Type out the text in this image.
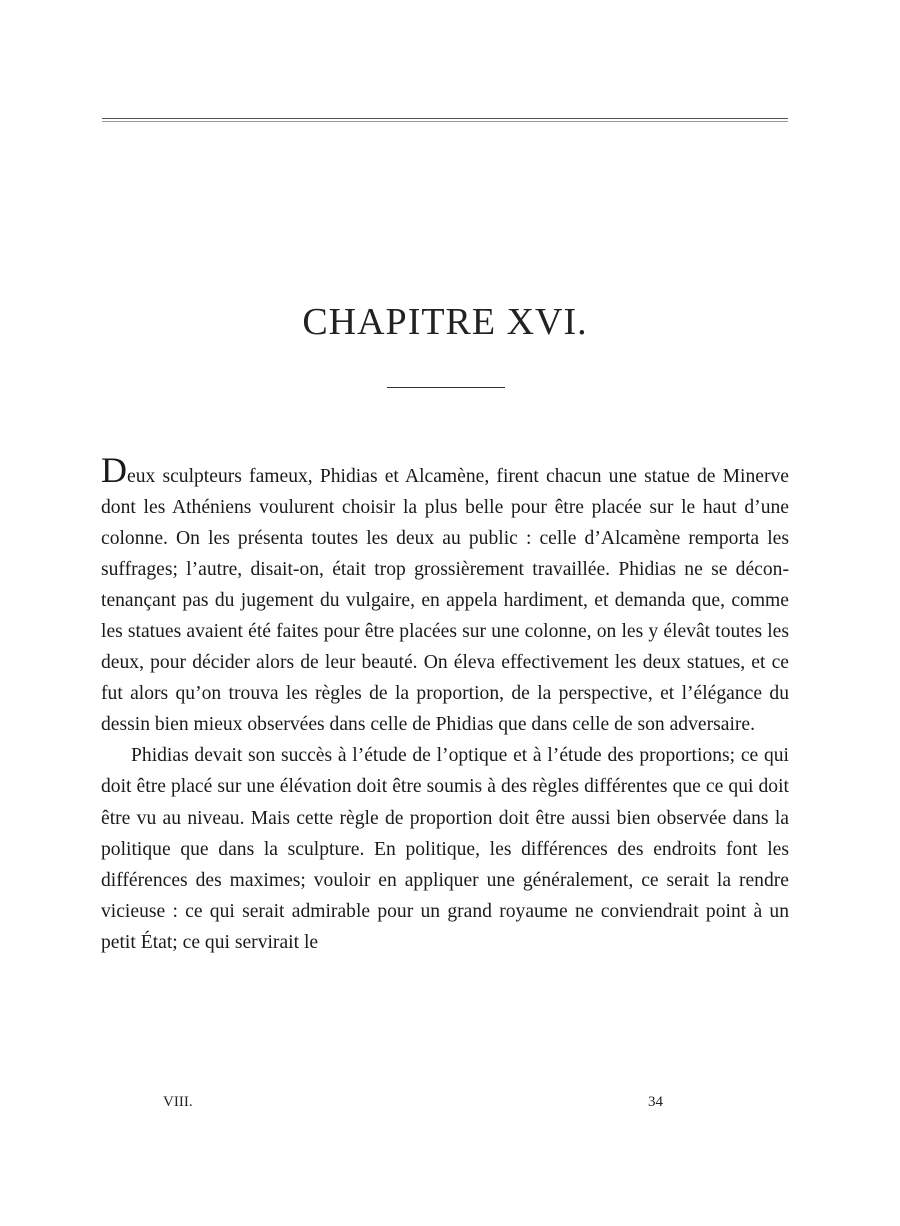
CHAPITRE XVI.

Deux sculpteurs fameux, Phidias et Alcamène, firent chacun une statue de Minerve dont les Athéniens voulurent choisir la plus belle pour être placée sur le haut d’une colonne. On les présenta toutes les deux au public : celle d’Alcamène remporta les suffrages; l’autre, disait-on, était trop grossièrement travaillée. Phidias ne se décontenançant pas du jugement du vulgaire, en appela hardiment, et demanda que, comme les statues avaient été faites pour être placées sur une colonne, on les y élevât toutes les deux, pour décider alors de leur beauté. On éleva effectivement les deux statues, et ce fut alors qu’on trouva les règles de la proportion, de la perspective, et l’élégance du dessin bien mieux observées dans celle de Phidias que dans celle de son adversaire.

Phidias devait son succès à l’étude de l’optique et à l’étude des proportions; ce qui doit être placé sur une élévation doit être soumis à des règles différentes que ce qui doit être vu au niveau. Mais cette règle de proportion doit être aussi bien observée dans la politique que dans la sculpture. En politique, les différences des endroits font les différences des maximes; vouloir en appliquer une généralement, ce serait la rendre vicieuse : ce qui serait admirable pour un grand royaume ne conviendrait point à un petit État; ce qui servirait le

VIII.	34
